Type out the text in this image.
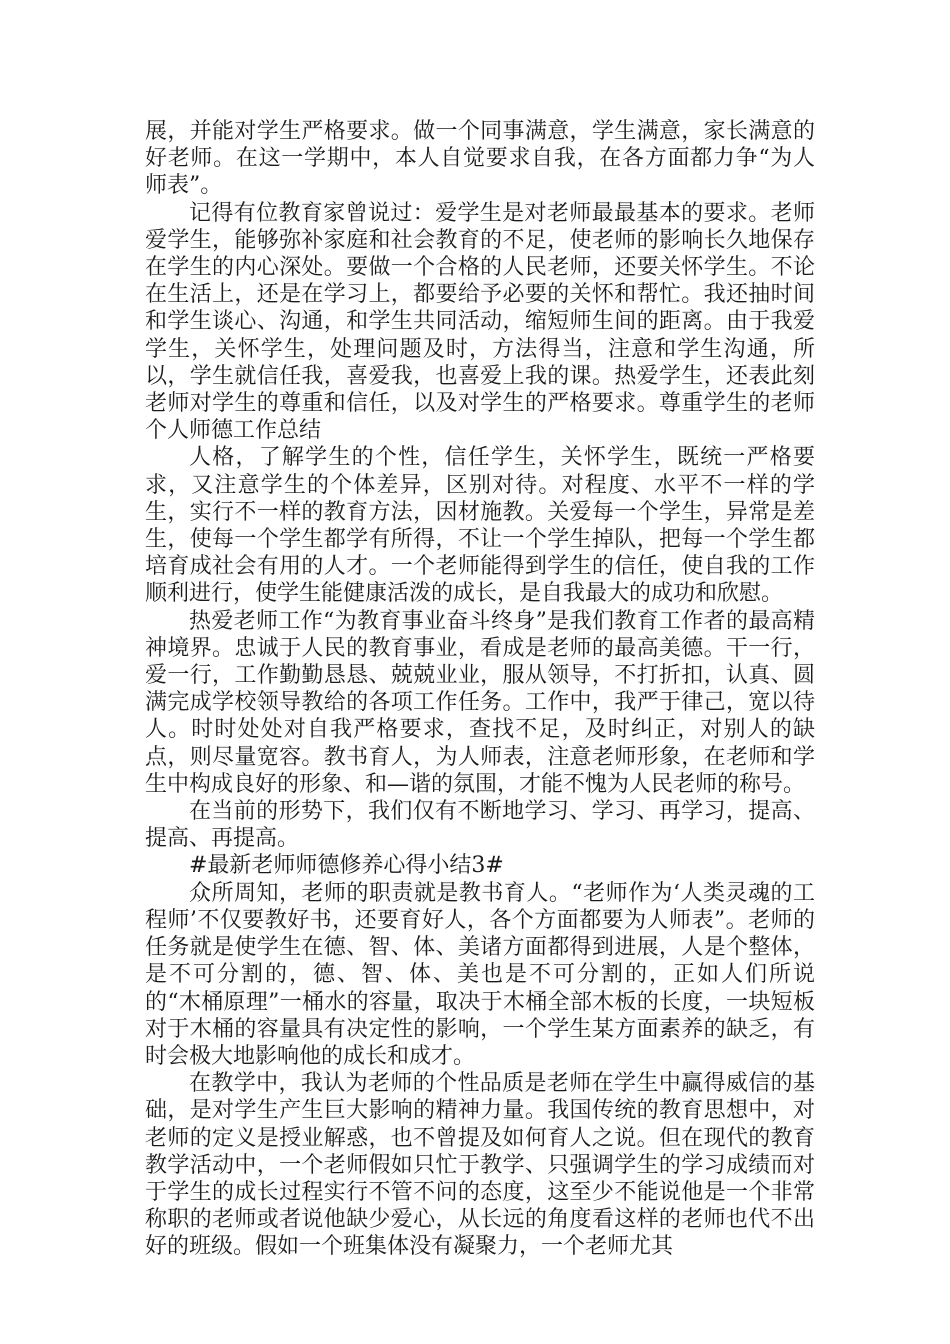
展，并能对学生严格要求。做一个同事满意，学生满意，家长满意的好老师。在这一学期中，本人自觉要求自我，在各方面都力争“为人师表”。

记得有位教育家曾说过：爱学生是对老师最最基本的要求。老师爱学生，能够弥补家庭和社会教育的不足，使老师的影响长久地保存在学生的内心深处。要做一个合格的人民老师，还要关怀学生。不论在生活上，还是在学习上，都要给予必要的关怀和帮忙。我还抽时间和学生谈心、沟通，和学生共同活动，缩短师生间的距离。由于我爱学生，关怀学生，处理问题及时，方法得当，注意和学生沟通，所以，学生就信任我，喜爱我，也喜爱上我的课。热爱学生，还表此刻老师对学生的尊重和信任，以及对学生的严格要求。尊重学生的老师个人师德工作总结

人格，了解学生的个性，信任学生，关怀学生，既统一严格要求，又注意学生的个体差异，区别对待。对程度、水平不一样的学生，实行不一样的教育方法，因材施教。关爱每一个学生，异常是差生，使每一个学生都学有所得，不让一个学生掉队，把每一个学生都培育成社会有用的人才。一个老师能得到学生的信任，使自我的工作顺利进行，使学生能健康活泼的成长，是自我最大的成功和欣慰。

热爱老师工作“为教育事业奋斗终身”是我们教育工作者的最高精神境界。忠诚于人民的教育事业，看成是老师的最高美德。干一行，爱一行，工作勤勤恳恳、兢兢业业，服从领导，不打折扣，认真、圆满完成学校领导教给的各项工作任务。工作中，我严于律己，宽以待人。时时处处对自我严格要求，查找不足，及时纠正，对别人的缺点，则尽量宽容。教书育人，为人师表，注意老师形象，在老师和学生中构成良好的形象、和—谐的氛围，才能不愧为人民老师的称号。

在当前的形势下，我们仅有不断地学习、学习、再学习，提高、提高、再提高。

#最新老师师德修养心得小结3#

众所周知，老师的职责就是教书育人。“老师作为‘人类灵魂的工程师’不仅要教好书，还要育好人，各个方面都要为人师表”。老师的任务就是使学生在德、智、体、美诸方面都得到进展，人是个整体，是不可分割的，德、智、体、美也是不可分割的，正如人们所说的“木桶原理”一桶水的容量，取决于木桶全部木板的长度，一块短板对于木桶的容量具有决定性的影响，一个学生某方面素养的缺乏，有时会极大地影响他的成长和成才。

在教学中，我认为老师的个性品质是老师在学生中赢得威信的基础，是对学生产生巨大影响的精神力量。我国传统的教育思想中，对老师的定义是授业解惑，也不曾提及如何育人之说。但在现代的教育教学活动中，一个老师假如只忙于教学、只强调学生的学习成绩而对于学生的成长过程实行不管不问的态度，这至少不能说他是一个非常称职的老师或者说他缺少爱心，从长远的角度看这样的老师也代不出好的班级。假如一个班集体没有凝聚力，一个老师尤其
